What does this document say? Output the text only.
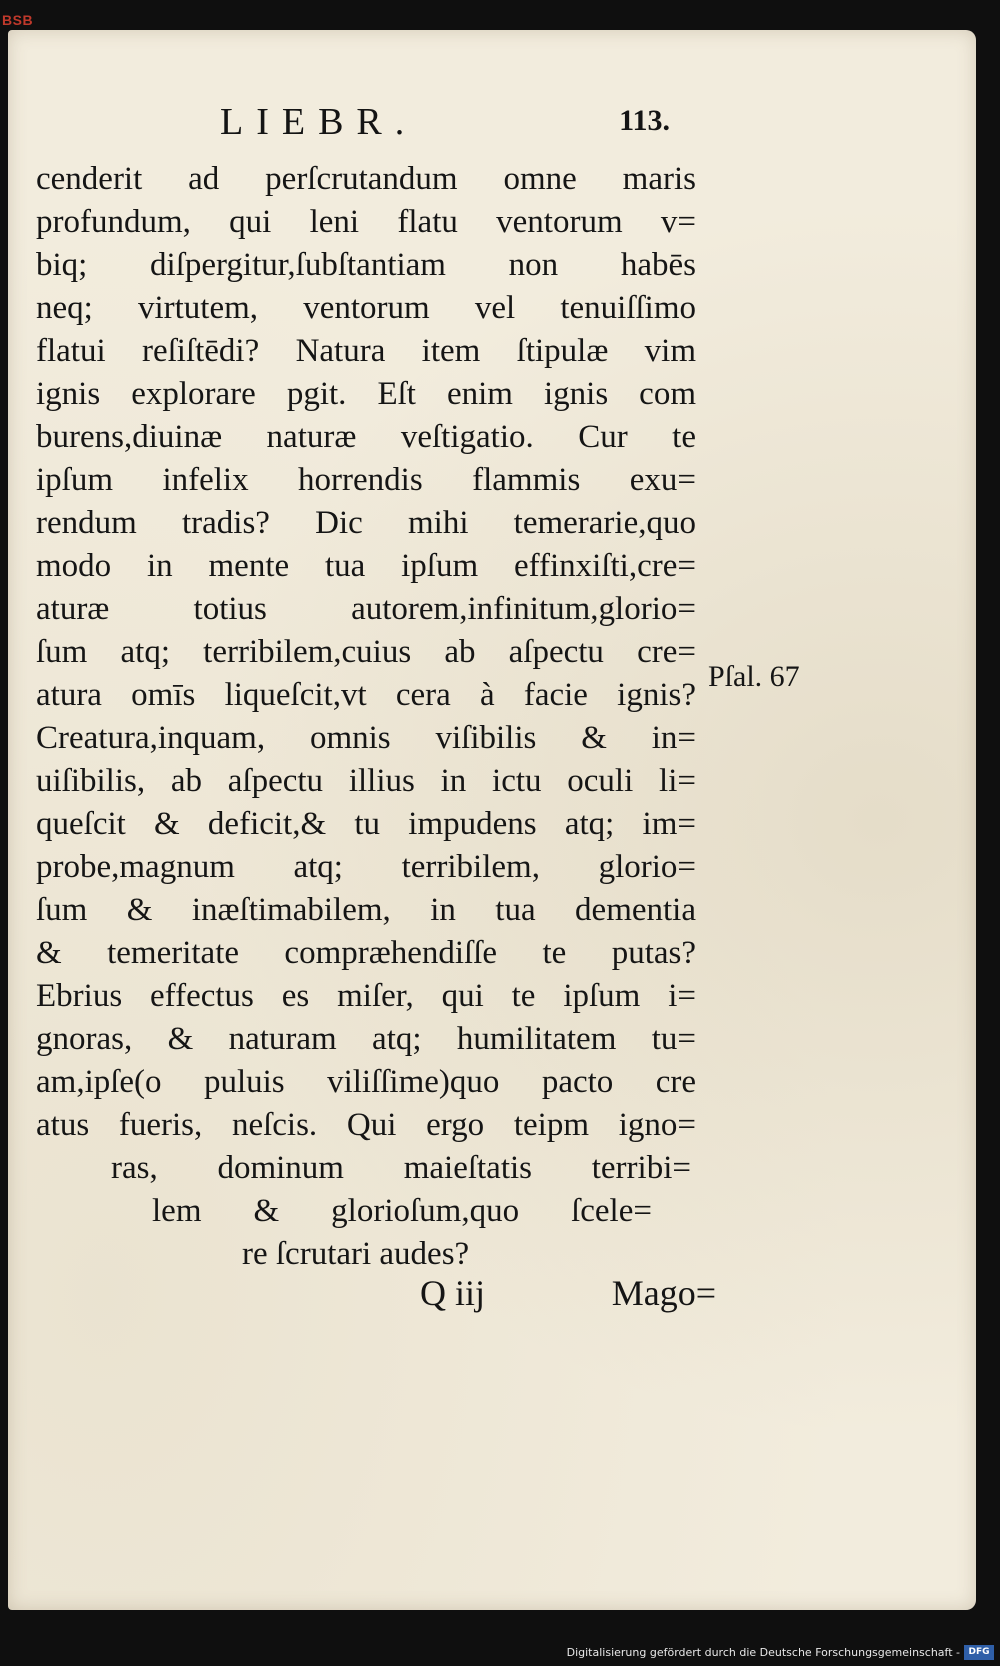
BSB
LIEBR.	113.
cenderit ad perſcrutandum omne maris
profundum, qui leni flatu ventorum v=
biq; diſpergitur,ſubſtantiam non habēs
neq; virtutem, ventorum vel tenuiſſimo
flatui reſiſtēdi? Natura item ſtipulæ vim
ignis explorare pgit. Eſt enim ignis com
burens,diuinæ naturæ veſtigatio. Cur te
ipſum infelix horrendis flammis exu=
rendum tradis? Dic mihi temerarie,quo
modo in mente tua ipſum effinxiſti,cre=
aturæ totius autorem,infinitum,glorio=
ſum atq; terribilem,cuius ab aſpectu cre=
atura omīs liqueſcit,vt cera à facie ignis?
Creatura,inquam, omnis viſibilis & in=
uiſibilis, ab aſpectu illius in ictu oculi li=
queſcit & deficit,& tu impudens atq; im=
probe,magnum atq; terribilem, glorio=
ſum & inæſtimabilem, in tua dementia
& temeritate compræhendiſſe te putas?
Ebrius effectus es miſer, qui te ipſum i=
gnoras, & naturam atq; humilitatem tu=
am,ipſe(o puluis viliſſime)quo pacto cre
atus fueris, neſcis. Qui ergo teipm igno=
ras, dominum maieſtatis terribi=
lem & glorioſum,quo ſcele=
re ſcrutari audes?
Pſal. 67
Q iij	Mago=
Digitalisierung gefördert durch die Deutsche Forschungsgemeinschaft - DFG
